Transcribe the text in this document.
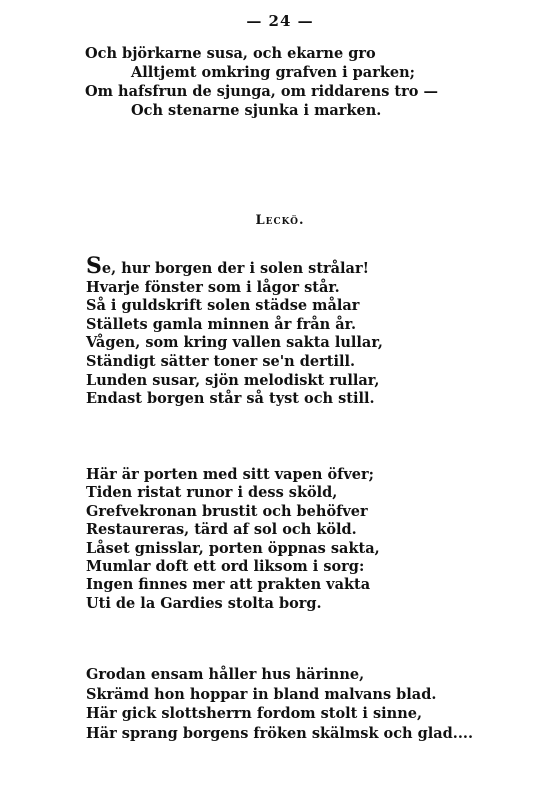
— 24 —
Och björkarne susa, och ekarne gro
Alltjemt omkring grafven i parken;
Om hafsfrun de sjunga, om riddarens tro —
Och stenarne sjunka i marken.
Leckö.
Se, hur borgen der i solen strålar!
Hvarje fönster som i lågor står.
Så i guldskrift solen städse målar
Ställets gamla minnen år från år.
Vågen, som kring vallen sakta lullar,
Ständigt sätter toner se'n dertill.
Lunden susar, sjön melodiskt rullar,
Endast borgen står så tyst och still.
Här är porten med sitt vapen öfver;
Tiden ristat runor i dess sköld,
Grefvekronan brustit och behöfver
Restaureras, tärd af sol och köld.
Låset gnisslar, porten öppnas sakta,
Mumlar doft ett ord liksom i sorg:
Ingen finnes mer att prakten vakta
Uti de la Gardies stolta borg.
Grodan ensam håller hus härinne,
Skrämd hon hoppar in bland malvans blad.
Här gick slottsherrn fordom stolt i sinne,
Här sprang borgens fröken skälmsk och glad....
